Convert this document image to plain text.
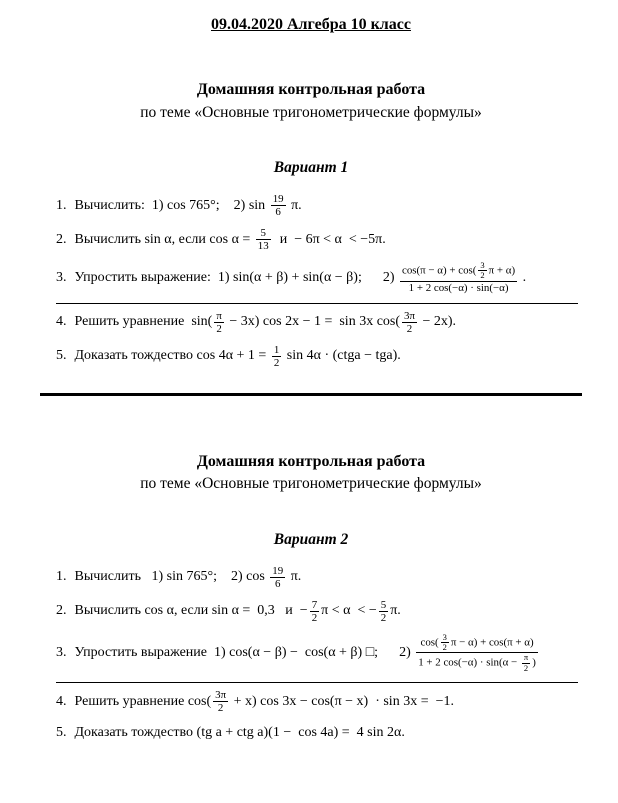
09.04.2020 Алгебра 10 класс
Домашняя контрольная работа
по теме «Основные тригонометрические формулы»
Вариант 1
1. Вычислить:  1) cos 765°;    2) $\sin \frac{19}{6} \pi$.
2. Вычислить sin α, если $\cos \alpha = \frac{5}{13}$ и  − 6π < α  < −5π.
3. Упростить выражение:  1) sin(α + β) + sin(α − β);      $2) \frac{\cos(\pi - \alpha) + \cos( \frac{3}{2} \pi + \alpha)}{1 + 2 \cos(-\alpha) \cdot \sin(-\alpha)}$ .
4. Решить уравнение  $\sin( \frac{\pi}{2} - 3x)$ cos 2x − 1 =  sin 3x $\cos( \frac{3\pi}{2} - 2x)$.
5. Доказать тождество $\cos 4\alpha + 1 = \frac{1}{2}$ sin 4α · (ctga − tga).
Домашняя контрольная работа
по теме «Основные тригонометрические формулы»
Вариант 2
1. Вычислить   1) sin 765°;    2) $\cos \frac{19}{6} \pi$.
2. Вычислить cos α, если sin α =  0,3   $и - \frac{7}{2}$ π < α  < − $\frac{5}{2} \pi$.
3. Упростить выражение  1) cos(α − β) −  cos(α + β) □;      $2) \frac{\cos( \frac{3}{2} \pi - \alpha) + \cos(\pi + \alpha)}{1 + 2 \cos(-\alpha) \cdot \sin(\alpha - \frac{\pi}{2} )}$
4. Решить уравнение $\cos( \frac{3\pi}{2} + x)$ cos 3x − cos(π − x)  · sin 3x =  −1.
5. Доказать тождество (tg a + ctg a)(1 −  cos 4a) =  4 sin 2α.
